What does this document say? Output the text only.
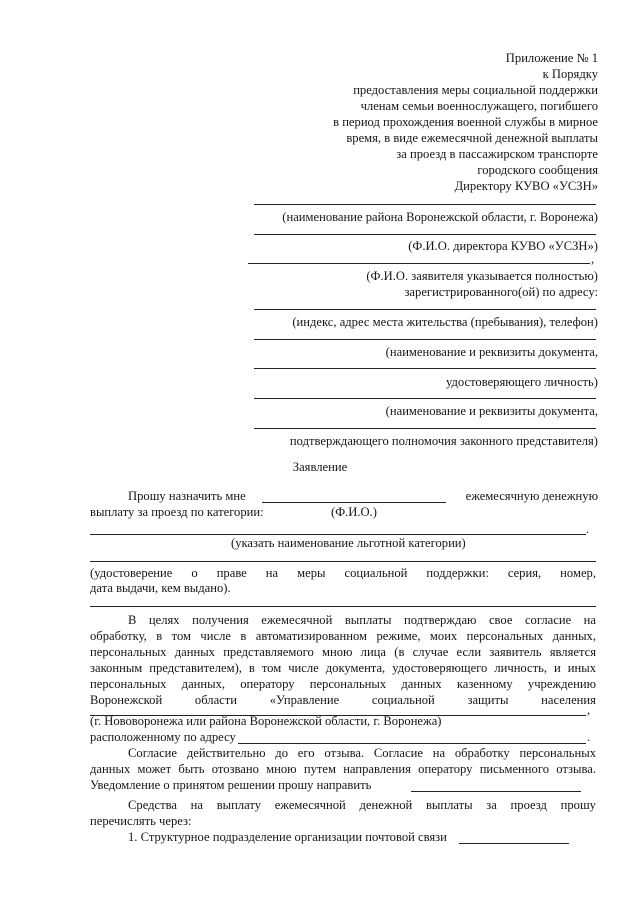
Приложение № 1
к Порядку
предоставления меры социальной поддержки
членам семьи военнослужащего, погибшего
в период прохождения военной службы в мирное
время, в виде ежемесячной денежной выплаты
за проезд в пассажирском транспорте
городского сообщения
Директору КУВО «УСЗН»
(наименование района Воронежской области, г. Воронежа)
(Ф.И.О. директора КУВО «УСЗН»)
,
(Ф.И.О. заявителя указывается полностью)
зарегистрированного(ой) по адресу:
(индекс, адрес места жительства (пребывания), телефон)
(наименование и реквизиты документа,
удостоверяющего личность)
(наименование и реквизиты документа,
подтверждающего полномочия законного представителя)
Заявление
Прошу назначить мне	ежемесячную денежную
выплату за проезд по категории:	(Ф.И.О.)
.
(указать наименование льготной категории)
(удостоверение о праве на меры социальной поддержки: серия, номер,
дата выдачи, кем выдано).
В целях получения ежемесячной выплаты подтверждаю свое согласие на
обработку, в том числе в автоматизированном режиме, моих персональных данных,
персональных данных представляемого мною лица (в случае если заявитель является
законным представителем), в том числе документа, удостоверяющего личность, и иных
персональных данных, оператору персональных данных казенному учреждению
Воронежской	области	«Управление	социальной	защиты	населения
,
(г. Нововоронежа или района Воронежской области, г. Воронежа)
расположенному по адресу	.
Согласие действительно до его отзыва. Согласие на обработку персональных
данных может быть отозвано мною путем направления оператору письменного отзыва.
Уведомление о принятом решении прошу направить
Средства на выплату ежемесячной денежной выплаты за проезд прошу
перечислять через:
1. Структурное подразделение организации почтовой связи
